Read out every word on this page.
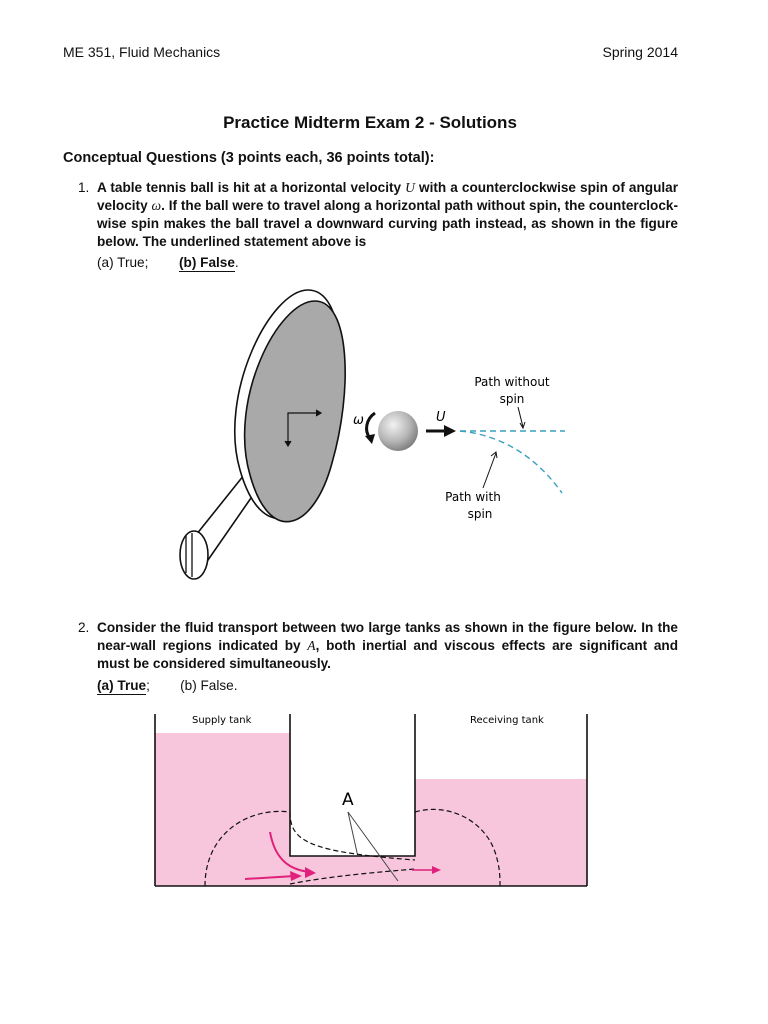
ME 351, Fluid Mechanics	Spring 2014
Practice Midterm Exam 2 - Solutions
Conceptual Questions (3 points each, 36 points total):
1. A table tennis ball is hit at a horizontal velocity U with a counterclockwise spin of angular velocity ω. If the ball were to travel along a horizontal path without spin, the counterclock-wise spin makes the ball travel a downward curving path instead, as shown in the figure below. The underlined statement above is
(a) True; (b) False.
ω	U
Path without
spin
Path with
spin
2. Consider the fluid transport between two large tanks as shown in the figure below. In the near-wall regions indicated by A, both inertial and viscous effects are significant and must be considered simultaneously.
(a) True; (b) False.
Supply tank	Receiving tank
A
